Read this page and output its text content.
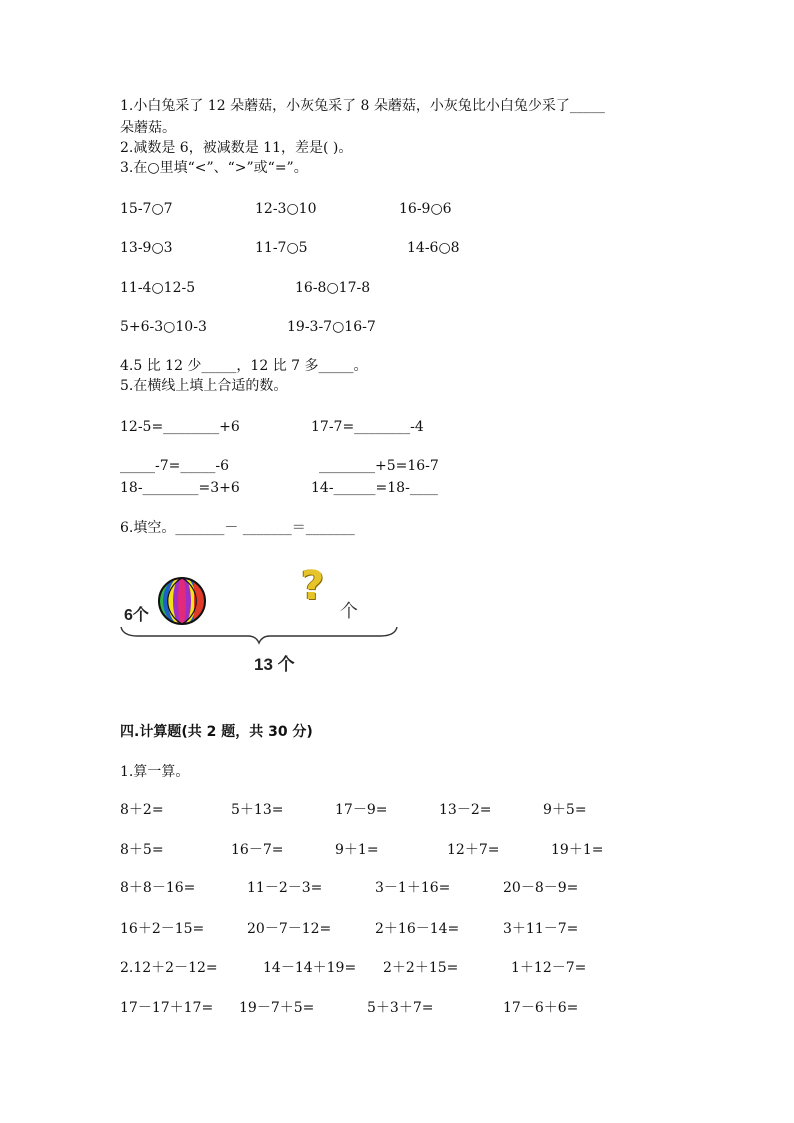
1.小白兔采了 12 朵蘑菇，小灰兔采了 8 朵蘑菇，小灰兔比小白兔少采了_____
朵蘑菇。
2.减数是 6，被减数是 11，差是( )。
3.在○里填“<”、“>”或“=”。
15-7○7	12-3○10	16-9○6
13-9○3	11-7○5	14-6○8
11-4○12-5	16-8○17-8
5+6-3○10-3	19-3-7○16-7
4.5 比 12 少_____，12 比 7 多_____。
5.在横线上填上合适的数。
12-5=________+6	17-7=________-4
_____-7=_____-6	________+5=16-7
18-________=3+6	14-______=18-____
6.填空。_______－ _______＝_______
6个
?
个
13 个
四.计算题(共 2 题，共 30 分)
1.算一算。
8＋2=	5＋13=	17－9=	13－2=	9＋5=
8＋5=	16－7=	9＋1=	12＋7=	19＋1=
8＋8－16=	11－2－3=	3－1＋16=	20－8－9=
16＋2－15=	20－7－12=	2＋16－14=	3＋11－7=
2.12＋2－12=	14－14＋19= 2＋2＋15=	1＋12－7=
17－17＋17= 19－7＋5=	5＋3＋7=	17－6＋6=
